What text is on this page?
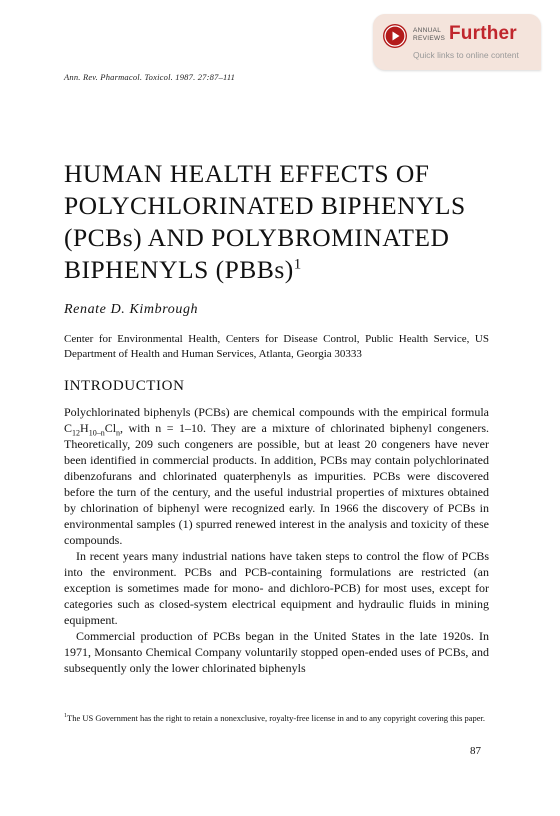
ANNUAL
REVIEWS Further
Quick links to online content
Ann. Rev. Pharmacol. Toxicol. 1987. 27:87–111
HUMAN HEALTH EFFECTS OF POLYCHLORINATED BIPHENYLS (PCBs) AND POLYBROMINATED BIPHENYLS (PBBs)$^1$
Renate D. Kimbrough
Center for Environmental Health, Centers for Disease Control, Public Health Service, US Department of Health and Human Services, Atlanta, Georgia 30333
INTRODUCTION

Polychlorinated biphenyls (PCBs) are chemical compounds with the empirical formula $C_{12}H_{10-n}Cl_n$, with n = 1–10. They are a mixture of chlorinated biphenyl congeners. Theoretically, 209 such congeners are possible, but at least 20 congeners have never been identified in commercial products. In addition, PCBs may contain polychlorinated dibenzofurans and chlorinated quaterphenyls as impurities. PCBs were discovered before the turn of the century, and the useful industrial properties of mixtures obtained by chlorination of biphenyl were recognized early. In 1966 the discovery of PCBs in environmental samples (1) spurred renewed interest in the analysis and toxicity of these compounds.

In recent years many industrial nations have taken steps to control the flow of PCBs into the environment. PCBs and PCB-containing formulations are restricted (an exception is sometimes made for mono- and dichloro-PCB) for most uses, except for categories such as closed-system electrical equipment and hydraulic fluids in mining equipment.

Commercial production of PCBs began in the United States in the late 1920s. In 1971, Monsanto Chemical Company voluntarily stopped open-ended uses of PCBs, and subsequently only the lower chlorinated biphenyls

$^1$The US Government has the right to retain a nonexclusive, royalty-free license in and to any copyright covering this paper.
87
